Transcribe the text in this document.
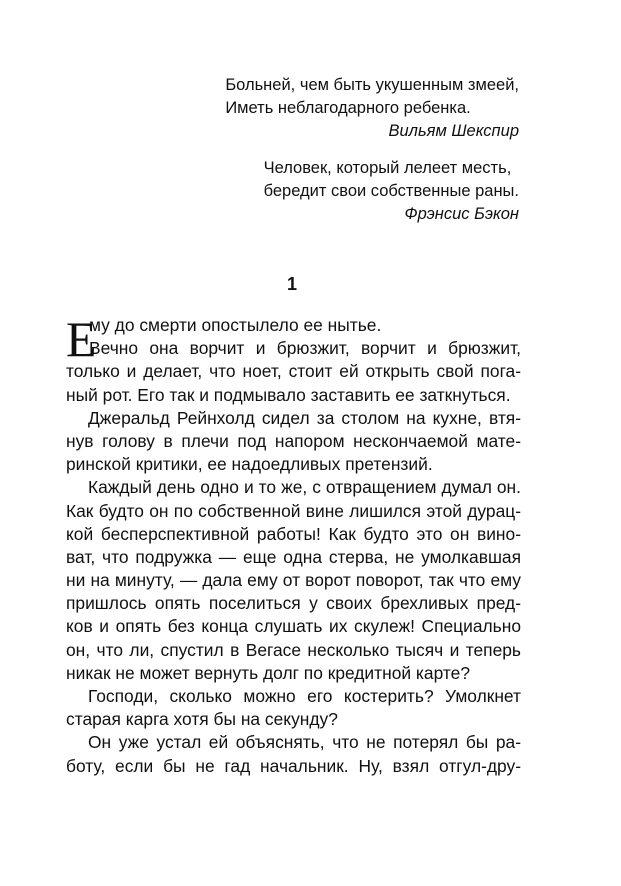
Больней, чем быть укушенным змеей,
Иметь неблагодарного ребенка.
Вильям Шекспир
Человек, который лелеет месть,
бередит свои собственные раны.
Фрэнсис Бэкон
1
Е
му до смерти опостылело ее нытье.
Вечно она ворчит и брюзжит, ворчит и брюзжит,
только и делает, что ноет, стоит ей открыть свой пога-
ный рот. Его так и подмывало заставить ее заткнуться.
Джеральд Рейнхолд сидел за столом на кухне, втя-
нув голову в плечи под напором нескончаемой мате-
ринской критики, ее надоедливых претензий.
Каждый день одно и то же, с отвращением думал он.
Как будто он по собственной вине лишился этой дурац-
кой бесперспективной работы! Как будто это он вино-
ват, что подружка — еще одна стерва, не умолкавшая
ни на минуту, — дала ему от ворот поворот, так что ему
пришлось опять поселиться у своих брехливых пред-
ков и опять без конца слушать их скулеж! Специально
он, что ли, спустил в Вегасе несколько тысяч и теперь
никак не может вернуть долг по кредитной карте?
Господи, сколько можно его костерить? Умолкнет
старая карга хотя бы на секунду?
Он уже устал ей объяснять, что не потерял бы ра-
боту, если бы не гад начальник. Ну, взял отгул-дру-
